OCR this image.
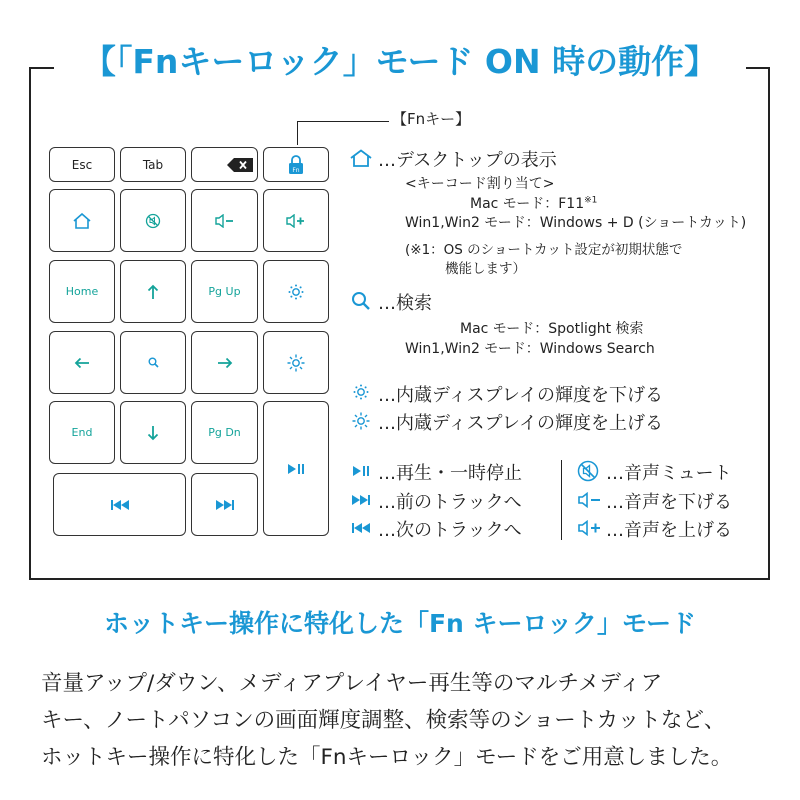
【「Fnキーロック」モード ON 時の動作】
【Fnキー】
Esc	Tab	Fn
Home	Pg Up
End	Pg Dn
…デスクトップの表示
<キーコード割り当て>
Mac モード：F11$^{※1}$
Win1,Win2 モード：Windows + D (ショートカット)
(※1：OS のショートカット設定が初期状態で
機能します）
…検索
Mac モード：Spotlight 検索
Win1,Win2 モード：Windows Search
…内蔵ディスプレイの輝度を下げる
…内蔵ディスプレイの輝度を上げる
…再生・一時停止
…前のトラックへ
…次のトラックへ
…音声ミュート
…音声を下げる
…音声を上げる
ホットキー操作に特化した「Fn キーロック」モード
音量アップ/ダウン、メディアプレイヤー再生等のマルチメディア
キー、ノートパソコンの画面輝度調整、検索等のショートカットなど、
ホットキー操作に特化した「Fnキーロック」モードをご用意しました。
